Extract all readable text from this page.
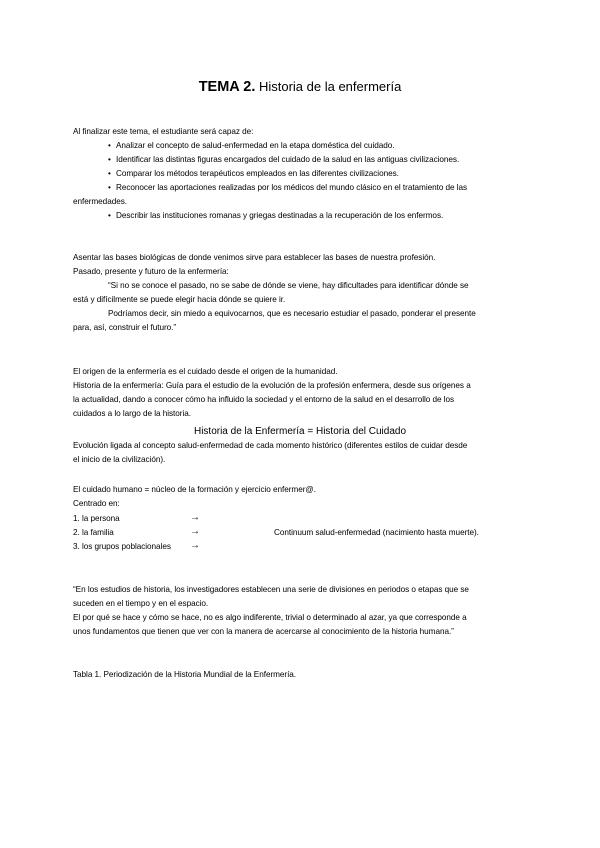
TEMA 2. Historia de la enfermería
Al finalizar este tema, el estudiante será capaz de:
• Analizar el concepto de salud-enfermedad en la etapa doméstica del cuidado.
• Identificar las distintas figuras encargados del cuidado de la salud en las antiguas civilizaciones.
• Comparar los métodos terapéuticos empleados en las diferentes civilizaciones.
• Reconocer las aportaciones realizadas por los médicos del mundo clásico en el tratamiento de las
enfermedades.
• Describir las instituciones romanas y griegas destinadas a la recuperación de los enfermos.
Asentar las bases biológicas de donde venimos sirve para establecer las bases de nuestra profesión.
Pasado, presente y futuro de la enfermería:
“Si no se conoce el pasado, no se sabe de dónde se viene, hay dificultades para identificar dónde se
está y difícilmente se puede elegir hacia dónde se quiere ir.
Podríamos decir, sin miedo a equivocarnos, que es necesario estudiar el pasado, ponderar el presente
para, así, construir el futuro.”
El origen de la enfermería es el cuidado desde el origen de la humanidad.
Historia de la enfermería: Guía para el estudio de la evolución de la profesión enfermera, desde sus orígenes a
la actualidad, dando a conocer cómo ha influido la sociedad y el entorno de la salud en el desarrollo de los
cuidados a lo largo de la historia.
Historia de la Enfermería = Historia del Cuidado
Evolución ligada al concepto salud-enfermedad de cada momento histórico (diferentes estilos de cuidar desde
el inicio de la civilización).
El cuidado humano = núcleo de la formación y ejercicio enfermer@.
Centrado en:
1. la persona	→
2. la familia	→	Continuum salud-enfermedad (nacimiento hasta muerte).
3. los grupos poblacionales →
“En los estudios de historia, los investigadores establecen una serie de divisiones en periodos o etapas que se
suceden en el tiempo y en el espacio.
El por qué se hace y cómo se hace, no es algo indiferente, trivial o determinado al azar, ya que corresponde a
unos fundamentos que tienen que ver con la manera de acercarse al conocimiento de la historia humana.”
Tabla 1. Periodización de la Historia Mundial de la Enfermería.
